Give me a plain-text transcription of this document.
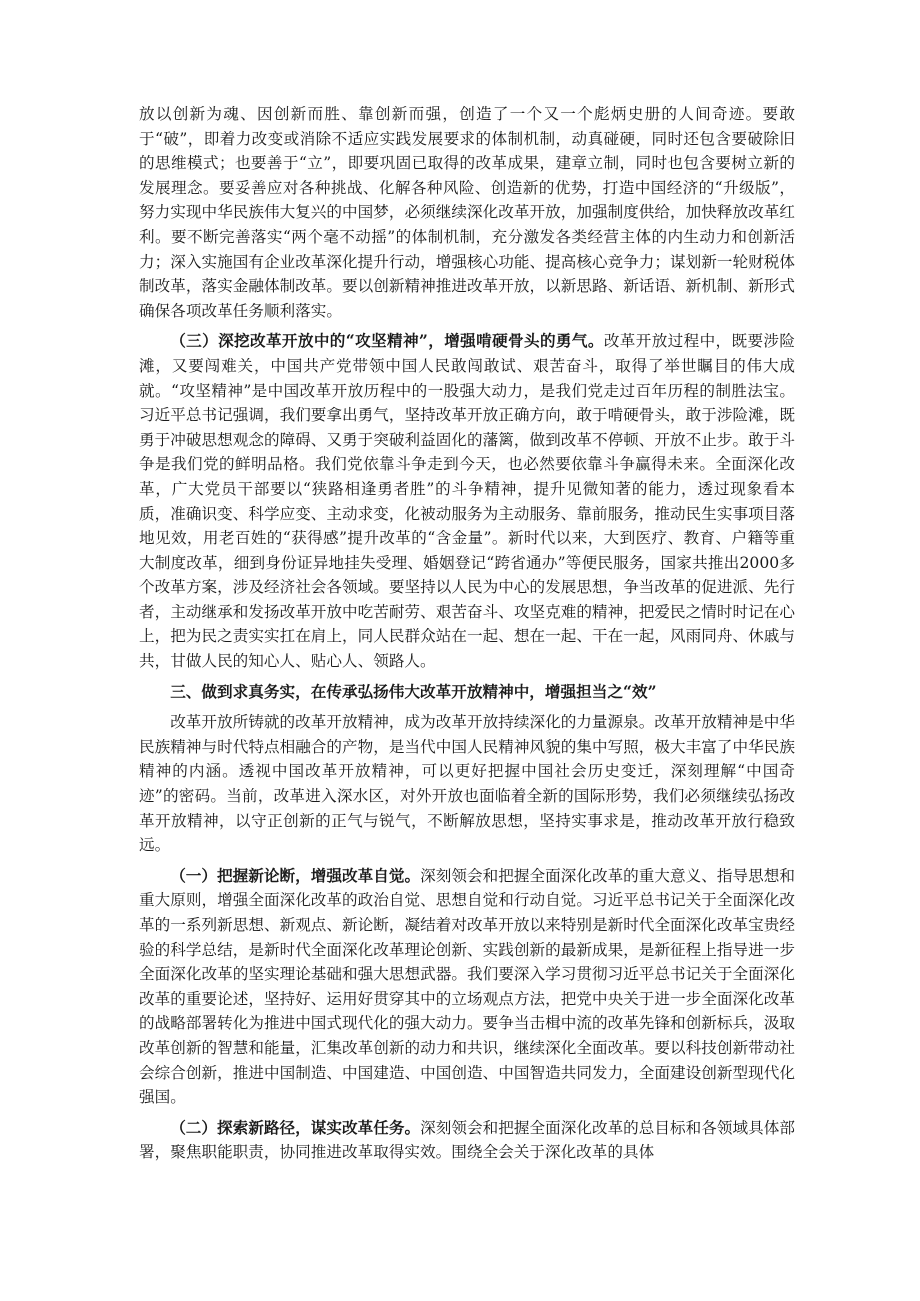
放以创新为魂、因创新而胜、靠创新而强，创造了一个又一个彪炳史册的人间奇迹。要敢于“破”，即着力改变或消除不适应实践发展要求的体制机制，动真碰硬，同时还包含要破除旧的思维模式；也要善于“立”，即要巩固已取得的改革成果，建章立制，同时也包含要树立新的发展理念。要妥善应对各种挑战、化解各种风险、创造新的优势，打造中国经济的“升级版”，努力实现中华民族伟大复兴的中国梦，必须继续深化改革开放，加强制度供给，加快释放改革红利。要不断完善落实“两个毫不动摇”的体制机制，充分激发各类经营主体的内生动力和创新活力；深入实施国有企业改革深化提升行动，增强核心功能、提高核心竞争力；谋划新一轮财税体制改革，落实金融体制改革。要以创新精神推进改革开放，以新思路、新话语、新机制、新形式确保各项改革任务顺利落实。

（三）深挖改革开放中的“攻坚精神”，增强啃硬骨头的勇气。改革开放过程中，既要涉险滩，又要闯难关，中国共产党带领中国人民敢闯敢试、艰苦奋斗，取得了举世瞩目的伟大成就。“攻坚精神”是中国改革开放历程中的一股强大动力，是我们党走过百年历程的制胜法宝。习近平总书记强调，我们要拿出勇气，坚持改革开放正确方向，敢于啃硬骨头，敢于涉险滩，既勇于冲破思想观念的障碍、又勇于突破利益固化的藩篱，做到改革不停顿、开放不止步。敢于斗争是我们党的鲜明品格。我们党依靠斗争走到今天，也必然要依靠斗争赢得未来。全面深化改革，广大党员干部要以“狭路相逢勇者胜”的斗争精神，提升见微知著的能力，透过现象看本质，准确识变、科学应变、主动求变，化被动服务为主动服务、靠前服务，推动民生实事项目落地见效，用老百姓的“获得感”提升改革的“含金量”。新时代以来，大到医疗、教育、户籍等重大制度改革，细到身份证异地挂失受理、婚姻登记“跨省通办”等便民服务，国家共推出2000多个改革方案，涉及经济社会各领域。要坚持以人民为中心的发展思想，争当改革的促进派、先行者，主动继承和发扬改革开放中吃苦耐劳、艰苦奋斗、攻坚克难的精神，把爱民之情时时记在心上，把为民之责实实扛在肩上，同人民群众站在一起、想在一起、干在一起，风雨同舟、休戚与共，甘做人民的知心人、贴心人、领路人。

三、做到求真务实，在传承弘扬伟大改革开放精神中，增强担当之“效”

改革开放所铸就的改革开放精神，成为改革开放持续深化的力量源泉。改革开放精神是中华民族精神与时代特点相融合的产物，是当代中国人民精神风貌的集中写照，极大丰富了中华民族精神的内涵。透视中国改革开放精神，可以更好把握中国社会历史变迁，深刻理解“中国奇迹”的密码。当前，改革进入深水区，对外开放也面临着全新的国际形势，我们必须继续弘扬改革开放精神，以守正创新的正气与锐气，不断解放思想，坚持实事求是，推动改革开放行稳致远。

（一）把握新论断，增强改革自觉。深刻领会和把握全面深化改革的重大意义、指导思想和重大原则，增强全面深化改革的政治自觉、思想自觉和行动自觉。习近平总书记关于全面深化改革的一系列新思想、新观点、新论断，凝结着对改革开放以来特别是新时代全面深化改革宝贵经验的科学总结，是新时代全面深化改革理论创新、实践创新的最新成果，是新征程上指导进一步全面深化改革的坚实理论基础和强大思想武器。我们要深入学习贯彻习近平总书记关于全面深化改革的重要论述，坚持好、运用好贯穿其中的立场观点方法，把党中央关于进一步全面深化改革的战略部署转化为推进中国式现代化的强大动力。要争当击楫中流的改革先锋和创新标兵，汲取改革创新的智慧和能量，汇集改革创新的动力和共识，继续深化全面改革。要以科技创新带动社会综合创新，推进中国制造、中国建造、中国创造、中国智造共同发力，全面建设创新型现代化强国。

（二）探索新路径，谋实改革任务。深刻领会和把握全面深化改革的总目标和各领域具体部署，聚焦职能职责，协同推进改革取得实效。围绕全会关于深化改革的具体
